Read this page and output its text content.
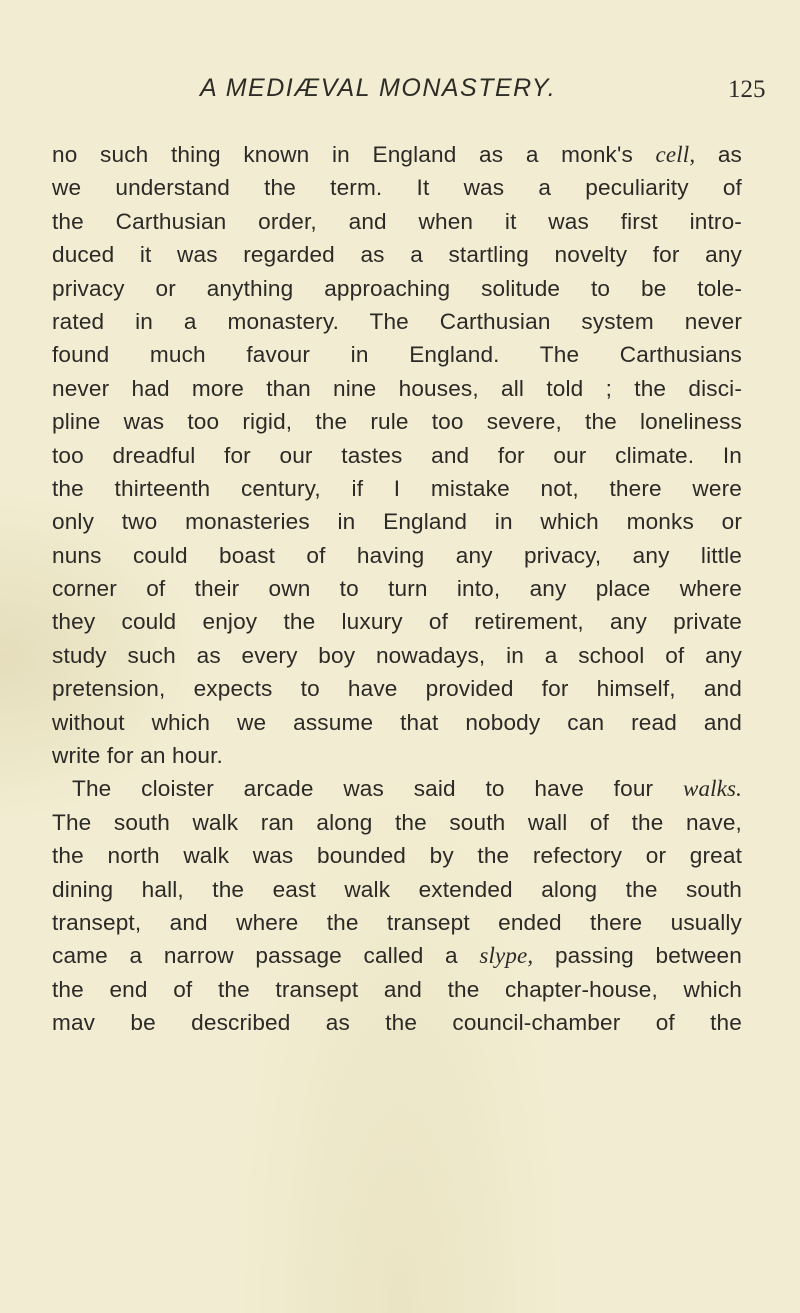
A MEDIÆVAL MONASTERY.	125
no such thing known in England as a monk's cell, as
we understand the term. It was a peculiarity of
the Carthusian order, and when it was first intro-
duced it was regarded as a startling novelty for any
privacy or anything approaching solitude to be tole-
rated in a monastery. The Carthusian system never
found much favour in England. The Carthusians
never had more than nine houses, all told ; the disci-
pline was too rigid, the rule too severe, the loneliness
too dreadful for our tastes and for our climate. In
the thirteenth century, if I mistake not, there were
only two monasteries in England in which monks or
nuns could boast of having any privacy, any little
corner of their own to turn into, any place where
they could enjoy the luxury of retirement, any private
study such as every boy nowadays, in a school of any
pretension, expects to have provided for himself, and
without which we assume that nobody can read and
write for an hour.
The cloister arcade was said to have four walks.
The south walk ran along the south wall of the nave,
the north walk was bounded by the refectory or great
dining hall, the east walk extended along the south
transept, and where the transept ended there usually
came a narrow passage called a slype, passing between
the end of the transept and the chapter-house, which
mav be described as the council-chamber of the
